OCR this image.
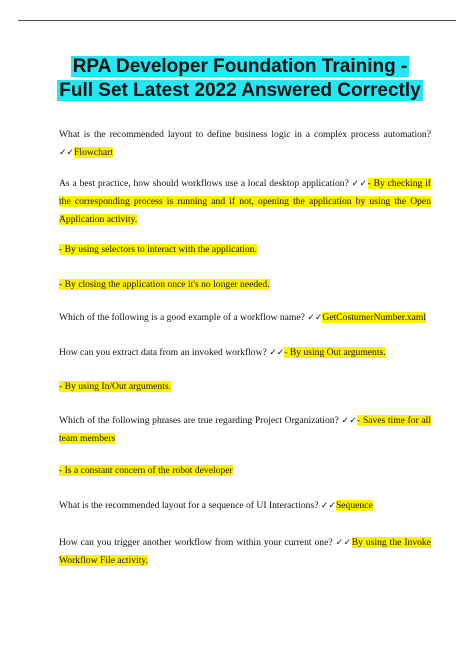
RPA Developer Foundation Training -
Full Set Latest 2022 Answered Correctly
What is the recommended layout to define business logic in a complex process automation? ✓✓Flowchart
As a best practice, how should workflows use a local desktop application? ✓✓- By checking if the corresponding process is running and if not, opening the application by using the Open Application activity.
- By using selectors to interact with the application.
- By closing the application once it's no longer needed.
Which of the following is a good example of a workflow name? ✓✓GetCostumerNumber.xaml
How can you extract data from an invoked workflow? ✓✓- By using Out arguments.
- By using In/Out arguments.
Which of the following phrases are true regarding Project Organization? ✓✓- Saves time for all team members
- Is a constant concern of the robot developer
What is the recommended layout for a sequence of UI Interactions? ✓✓Sequence
How can you trigger another workflow from within your current one? ✓✓By using the Invoke Workflow File activity.
